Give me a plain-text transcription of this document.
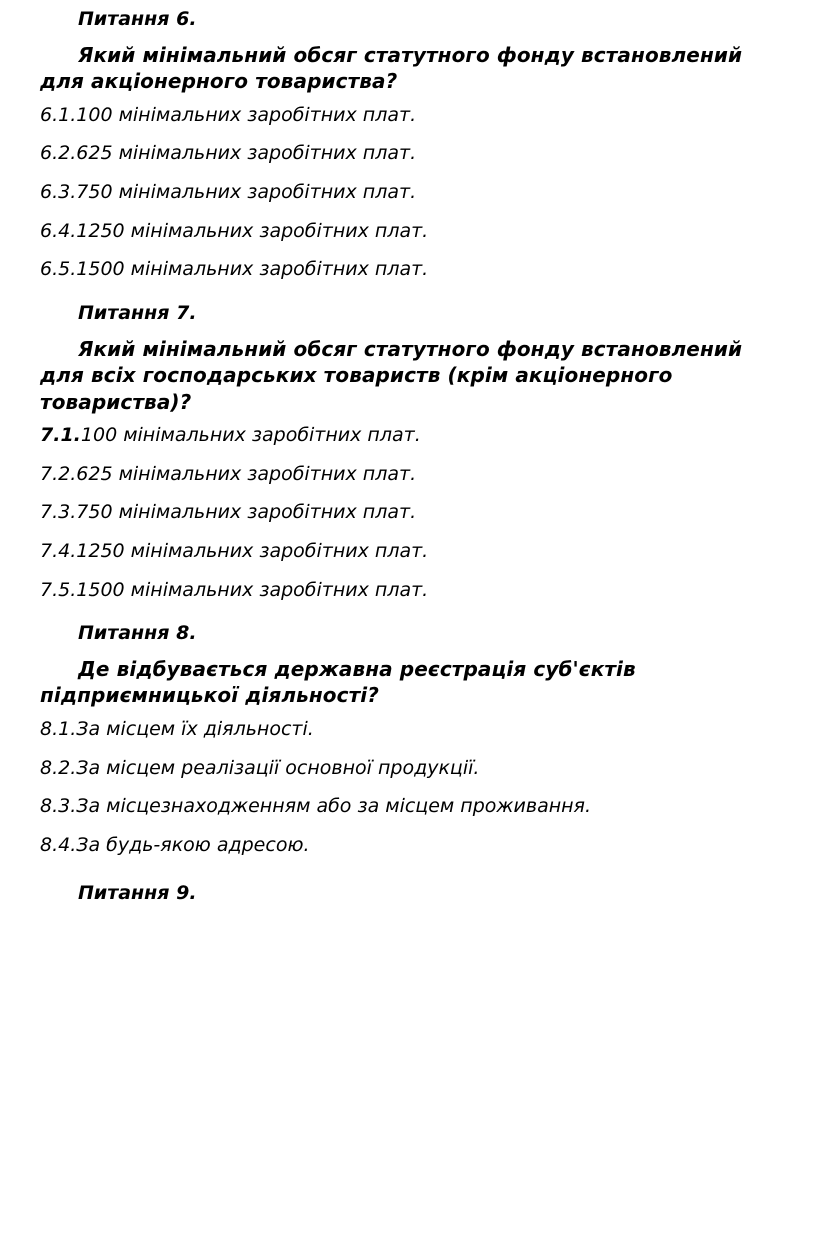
Питання 6.
Який мінімальний обсяг статутного фонду встановлений для акціонерного товариства?
6.1.100 мінімальних заробітних плат.
6.2.625 мінімальних заробітних плат.
6.3.750 мінімальних заробітних плат.
6.4.1250 мінімальних заробітних плат.
6.5.1500 мінімальних заробітних плат.
Питання 7.
Який мінімальний обсяг статутного фонду встановлений для всіх господарських товариств (крім акціонерного товариства)?
7.1.100 мінімальних заробітних плат.
7.2.625 мінімальних заробітних плат.
7.3.750 мінімальних заробітних плат.
7.4.1250 мінімальних заробітних плат.
7.5.1500 мінімальних заробітних плат.
Питання 8.
Де відбувається державна реєстрація суб'єктів підприємницької діяльності?
8.1.За місцем їх діяльності.
8.2.За місцем реалізації основної продукції.
8.3.За місцезнаходженням або за місцем проживання.
8.4.За будь-якою адресою.
Питання 9.
